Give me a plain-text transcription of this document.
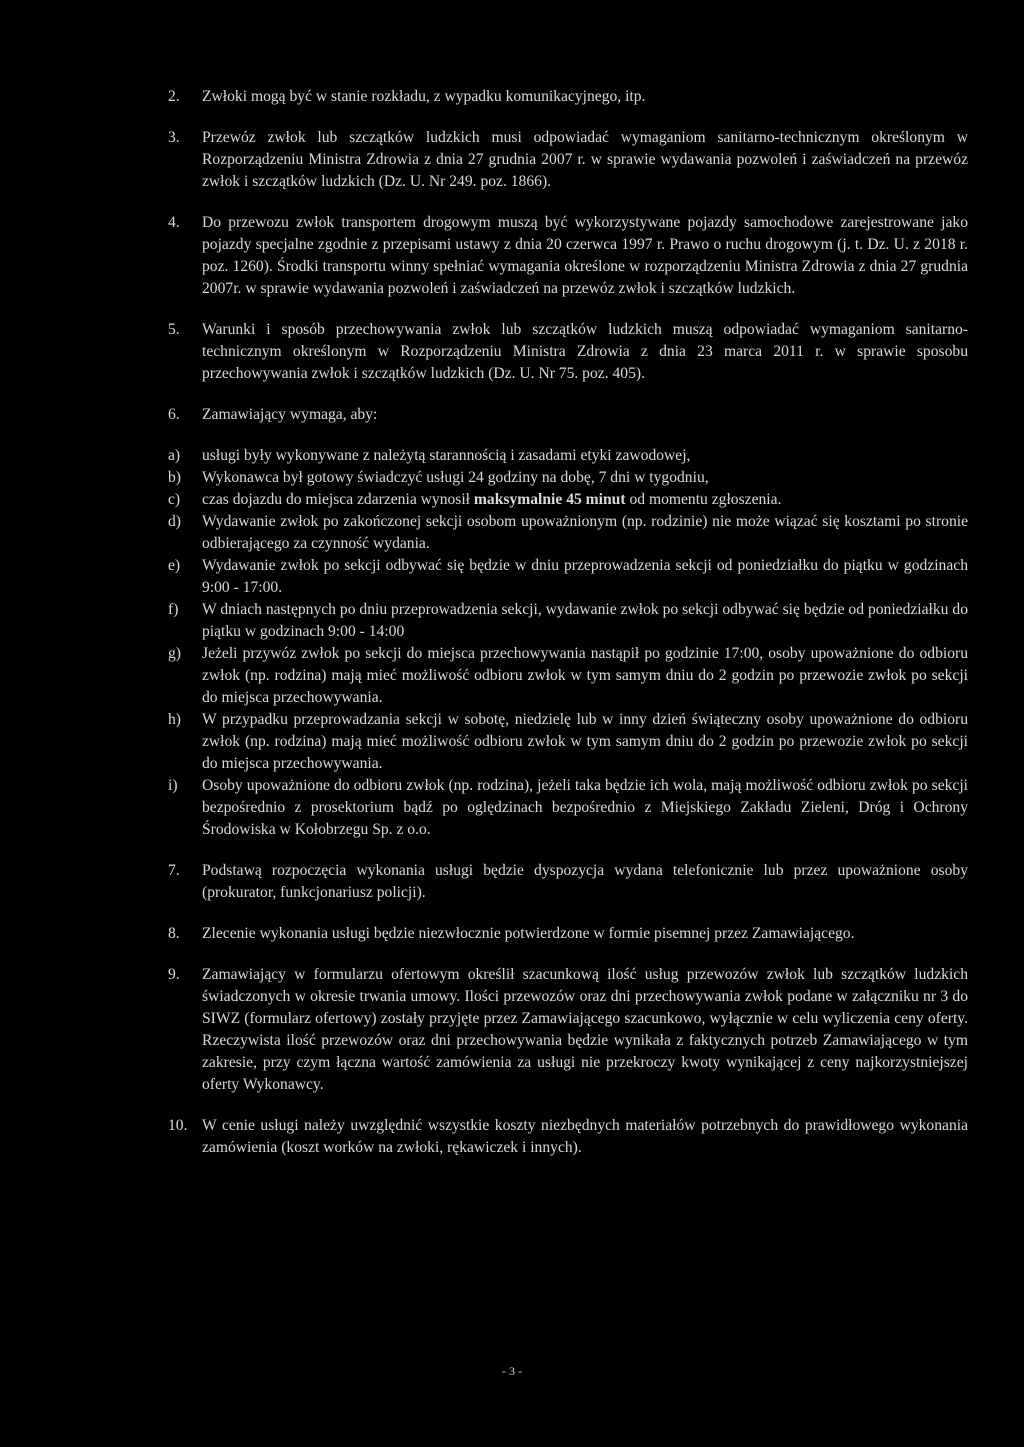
2.	Zwłoki mogą być w stanie rozkładu, z wypadku komunikacyjnego, itp.
3.	Przewóz zwłok lub szczątków ludzkich musi odpowiadać wymaganiom sanitarno-technicznym określonym w Rozporządzeniu Ministra Zdrowia z dnia 27 grudnia 2007 r. w sprawie wydawania pozwoleń i zaświadczeń na przewóz zwłok i szczątków ludzkich (Dz. U. Nr 249. poz. 1866).
4.	Do przewozu zwłok transportem drogowym muszą być wykorzystywane pojazdy samochodowe zarejestrowane jako pojazdy specjalne zgodnie z przepisami ustawy z dnia 20 czerwca 1997 r. Prawo o ruchu drogowym (j. t. Dz. U. z 2018 r. poz. 1260). Środki transportu winny spełniać wymagania określone w rozporządzeniu Ministra Zdrowia z dnia 27 grudnia 2007r. w sprawie wydawania pozwoleń i zaświadczeń na przewóz zwłok i szczątków ludzkich.
5.	Warunki i sposób przechowywania zwłok lub szczątków ludzkich muszą odpowiadać wymaganiom sanitarno-technicznym określonym w Rozporządzeniu Ministra Zdrowia z dnia 23 marca 2011 r. w sprawie sposobu przechowywania zwłok i szczątków ludzkich (Dz. U. Nr 75. poz. 405).
6.	Zamawiający wymaga, aby:
a)	usługi były wykonywane z należytą starannością i zasadami etyki zawodowej,
b)	Wykonawca był gotowy świadczyć usługi 24 godziny na dobę, 7 dni w tygodniu,
c)	czas dojazdu do miejsca zdarzenia wynosił maksymalnie 45 minut od momentu zgłoszenia.
d)	Wydawanie zwłok po zakończonej sekcji osobom upoważnionym (np. rodzinie) nie może wiązać się kosztami po stronie odbierającego za czynność wydania.
e)	Wydawanie zwłok po sekcji odbywać się będzie w dniu przeprowadzenia sekcji od poniedziałku do piątku w godzinach 9:00 - 17:00.
f)	W dniach następnych po dniu przeprowadzenia sekcji, wydawanie zwłok po sekcji odbywać się będzie od poniedziałku do piątku w godzinach 9:00 - 14:00
g)	Jeżeli przywóz zwłok po sekcji do miejsca przechowywania nastąpił po godzinie 17:00, osoby upoważnione do odbioru zwłok (np. rodzina) mają mieć możliwość odbioru zwłok w tym samym dniu do 2 godzin po przewozie zwłok po sekcji do miejsca przechowywania.
h)	W przypadku przeprowadzania sekcji w sobotę, niedzielę lub w inny dzień świąteczny osoby upoważnione do odbioru zwłok (np. rodzina) mają mieć możliwość odbioru zwłok w tym samym dniu do 2 godzin po przewozie zwłok po sekcji do miejsca przechowywania.
i)	Osoby upoważnione do odbioru zwłok (np. rodzina), jeżeli taka będzie ich wola, mają możliwość odbioru zwłok po sekcji bezpośrednio z prosektorium bądź po oględzinach bezpośrednio z Miejskiego Zakładu Zieleni, Dróg i Ochrony Środowiska w Kołobrzegu Sp. z o.o.
7.	Podstawą rozpoczęcia wykonania usługi będzie dyspozycja wydana telefonicznie lub przez upoważnione osoby (prokurator, funkcjonariusz policji).
8.	Zlecenie wykonania usługi będzie niezwłocznie potwierdzone w formie pisemnej przez Zamawiającego.
9.	Zamawiający w formularzu ofertowym określił szacunkową ilość usług przewozów zwłok lub szczątków ludzkich świadczonych w okresie trwania umowy. Ilości przewozów oraz dni przechowywania zwłok podane w załączniku nr 3 do SIWZ (formularz ofertowy) zostały przyjęte przez Zamawiającego szacunkowo, wyłącznie w celu wyliczenia ceny oferty. Rzeczywista ilość przewozów oraz dni przechowywania będzie wynikała z faktycznych potrzeb Zamawiającego w tym zakresie, przy czym łączna wartość zamówienia za usługi nie przekroczy kwoty wynikającej z ceny najkorzystniejszej oferty Wykonawcy.
10. W cenie usługi należy uwzględnić wszystkie koszty niezbędnych materiałów potrzebnych do prawidłowego wykonania zamówienia (koszt worków na zwłoki, rękawiczek i innych).
- 3 -
